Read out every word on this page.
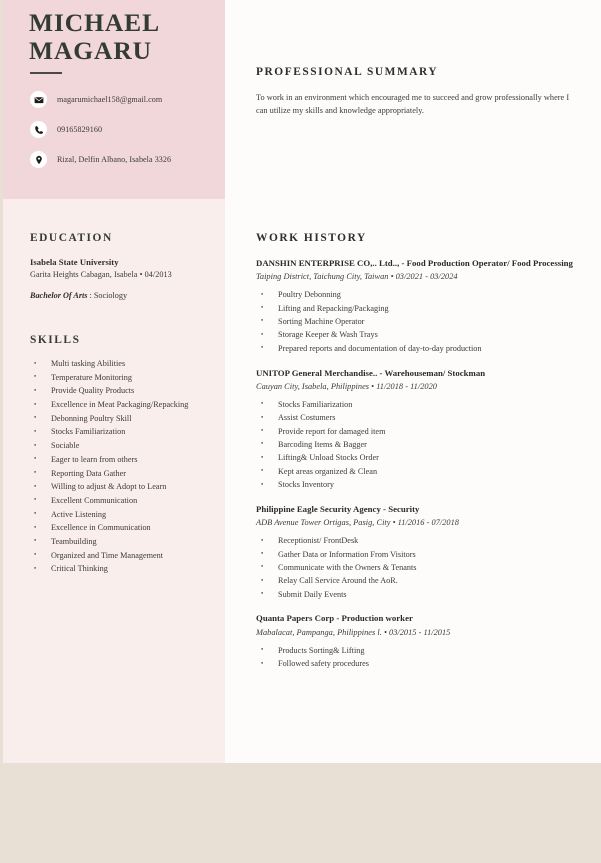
MICHAEL
MAGARU
magarumichael158@gmail.com
09165829160
Rizal, Delfin Albano, Isabela 3326
EDUCATION
Isabela State University
Garita Heights Cabagan, Isabela • 04/2013
Bachelor Of Arts : Sociology
SKILLS
▪ Multi tasking Abilities
▪ Temperature Monitoring
▪ Provide Quality Products
▪ Excellence in Meat Packaging/Repacking
▪ Debonning Poultry Skill
▪ Stocks Familiarization
▪ Sociable
▪ Eager to learn from others
▪ Reporting Data Gather
▪ Willing to adjust & Adopt to Learn
▪ Excellent Communication
▪ Active Listening
▪ Excellence in Communication
▪ Teambuilding
▪ Organized and Time Management
▪ Critical Thinking
PROFESSIONAL SUMMARY

To work in an environment which encouraged me to succeed and grow professionally where I can utilize my skills and knowledge appropriately.

WORK HISTORY
DANSHIN ENTERPRISE CO,.. Ltd.., - Food Production Operator/ Food Processing
Taiping District, Taichung City, Taiwan • 03/2021 - 03/2024
▪ Poultry Debonning
▪ Lifting and Repacking/Packaging
▪ Sorting Machine Operator
▪ Storage Keeper & Wash Trays
▪ Prepared reports and documentation of day-to-day production
UNITOP General Merchandise.. - Warehouseman/ Stockman
Cauyan City, Isabela, Philippines • 11/2018 - 11/2020
▪ Stocks Familiarization
▪ Assist Costumers
▪ Provide report for damaged item
▪ Barcoding Items & Bagger
▪ Lifting& Unload Stocks Order
▪ Kept areas organized & Clean
▪ Stocks Inventory
Philippine Eagle Security Agency - Security
ADB Avenue Tower Ortigas, Pasig, City • 11/2016 - 07/2018
▪ Receptionist/ FrontDesk
▪ Gather Data or Information From Visitors
▪ Communicate with the Owners & Tenants
▪ Relay Call Service Around the AoR.
▪ Submit Daily Events
Quanta Papers Corp - Production worker
Mabalacat, Pampanga, Philippines l. • 03/2015 - 11/2015
▪ Products Sorting& Lifting
▪ Followed safety procedures
